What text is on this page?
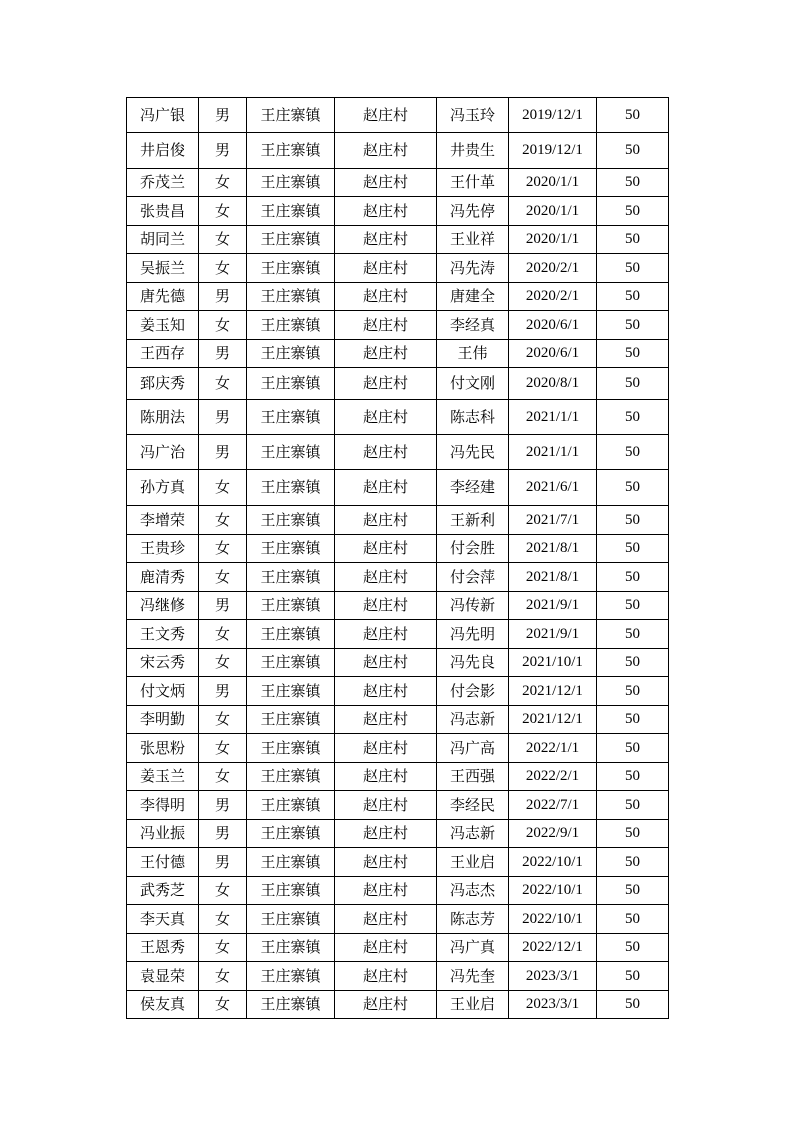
冯广银	男	王庄寨镇	赵庄村	冯玉玲	2019/12/1	50
井启俊	男	王庄寨镇	赵庄村	井贵生	2019/12/1	50
乔茂兰	女	王庄寨镇	赵庄村	王什革	2020/1/1	50
张贵昌	女	王庄寨镇	赵庄村	冯先停	2020/1/1	50
胡同兰	女	王庄寨镇	赵庄村	王业祥	2020/1/1	50
吴振兰	女	王庄寨镇	赵庄村	冯先涛	2020/2/1	50
唐先德	男	王庄寨镇	赵庄村	唐建全	2020/2/1	50
姜玉知	女	王庄寨镇	赵庄村	李经真	2020/6/1	50
王西存	男	王庄寨镇	赵庄村	王伟	2020/6/1	50
郅庆秀	女	王庄寨镇	赵庄村	付文刚	2020/8/1	50
陈朋法	男	王庄寨镇	赵庄村	陈志科	2021/1/1	50
冯广治	男	王庄寨镇	赵庄村	冯先民	2021/1/1	50
孙方真	女	王庄寨镇	赵庄村	李经建	2021/6/1	50
李增荣	女	王庄寨镇	赵庄村	王新利	2021/7/1	50
王贵珍	女	王庄寨镇	赵庄村	付会胜	2021/8/1	50
鹿清秀	女	王庄寨镇	赵庄村	付会萍	2021/8/1	50
冯继修	男	王庄寨镇	赵庄村	冯传新	2021/9/1	50
王文秀	女	王庄寨镇	赵庄村	冯先明	2021/9/1	50
宋云秀	女	王庄寨镇	赵庄村	冯先良	2021/10/1	50
付文炳	男	王庄寨镇	赵庄村	付会影	2021/12/1	50
李明勤	女	王庄寨镇	赵庄村	冯志新	2021/12/1	50
张思粉	女	王庄寨镇	赵庄村	冯广高	2022/1/1	50
姜玉兰	女	王庄寨镇	赵庄村	王西强	2022/2/1	50
李得明	男	王庄寨镇	赵庄村	李经民	2022/7/1	50
冯业振	男	王庄寨镇	赵庄村	冯志新	2022/9/1	50
王付德	男	王庄寨镇	赵庄村	王业启	2022/10/1	50
武秀芝	女	王庄寨镇	赵庄村	冯志杰	2022/10/1	50
李天真	女	王庄寨镇	赵庄村	陈志芳	2022/10/1	50
王恩秀	女	王庄寨镇	赵庄村	冯广真	2022/12/1	50
袁显荣	女	王庄寨镇	赵庄村	冯先奎	2023/3/1	50
侯友真	女	王庄寨镇	赵庄村	王业启	2023/3/1	50
